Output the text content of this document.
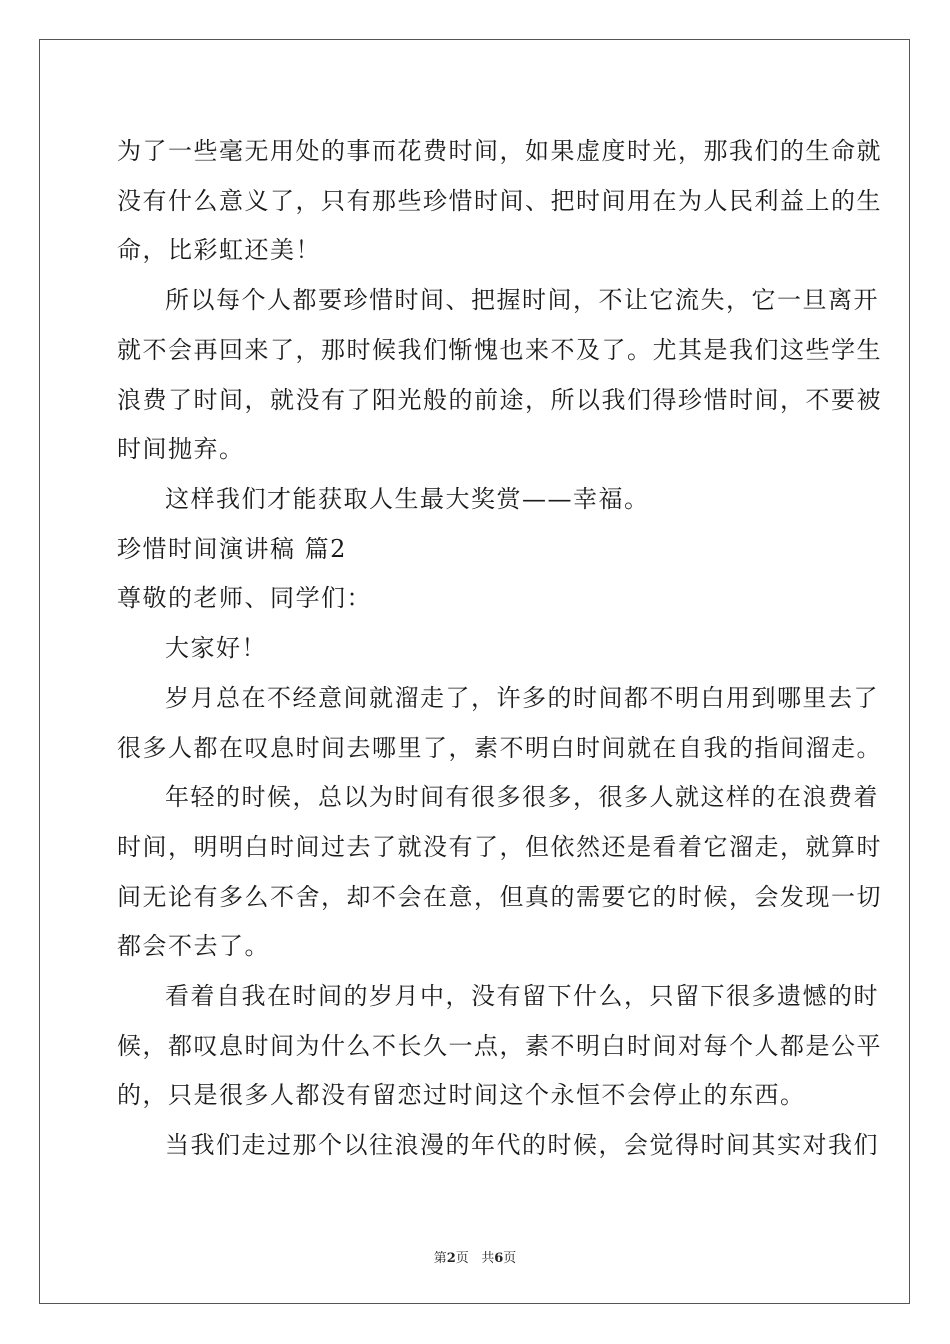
为了一些毫无用处的事而花费时间，如果虚度时光，那我们的生命就
没有什么意义了，只有那些珍惜时间、把时间用在为人民利益上的生
命，比彩虹还美！
所以每个人都要珍惜时间、把握时间，不让它流失，它一旦离开
就不会再回来了，那时候我们惭愧也来不及了。尤其是我们这些学生
浪费了时间，就没有了阳光般的前途，所以我们得珍惜时间，不要被
时间抛弃。
这样我们才能获取人生最大奖赏——幸福。
珍惜时间演讲稿 篇2
尊敬的老师、同学们：
大家好！
岁月总在不经意间就溜走了，许多的时间都不明白用到哪里去了
很多人都在叹息时间去哪里了，素不明白时间就在自我的指间溜走。
年轻的时候，总以为时间有很多很多，很多人就这样的在浪费着
时间，明明白时间过去了就没有了，但依然还是看着它溜走，就算时
间无论有多么不舍，却不会在意，但真的需要它的时候，会发现一切
都会不去了。
看着自我在时间的岁月中，没有留下什么，只留下很多遗憾的时
候，都叹息时间为什么不长久一点，素不明白时间对每个人都是公平
的，只是很多人都没有留恋过时间这个永恒不会停止的东西。
当我们走过那个以往浪漫的年代的时候，会觉得时间其实对我们
第2页 共6页
